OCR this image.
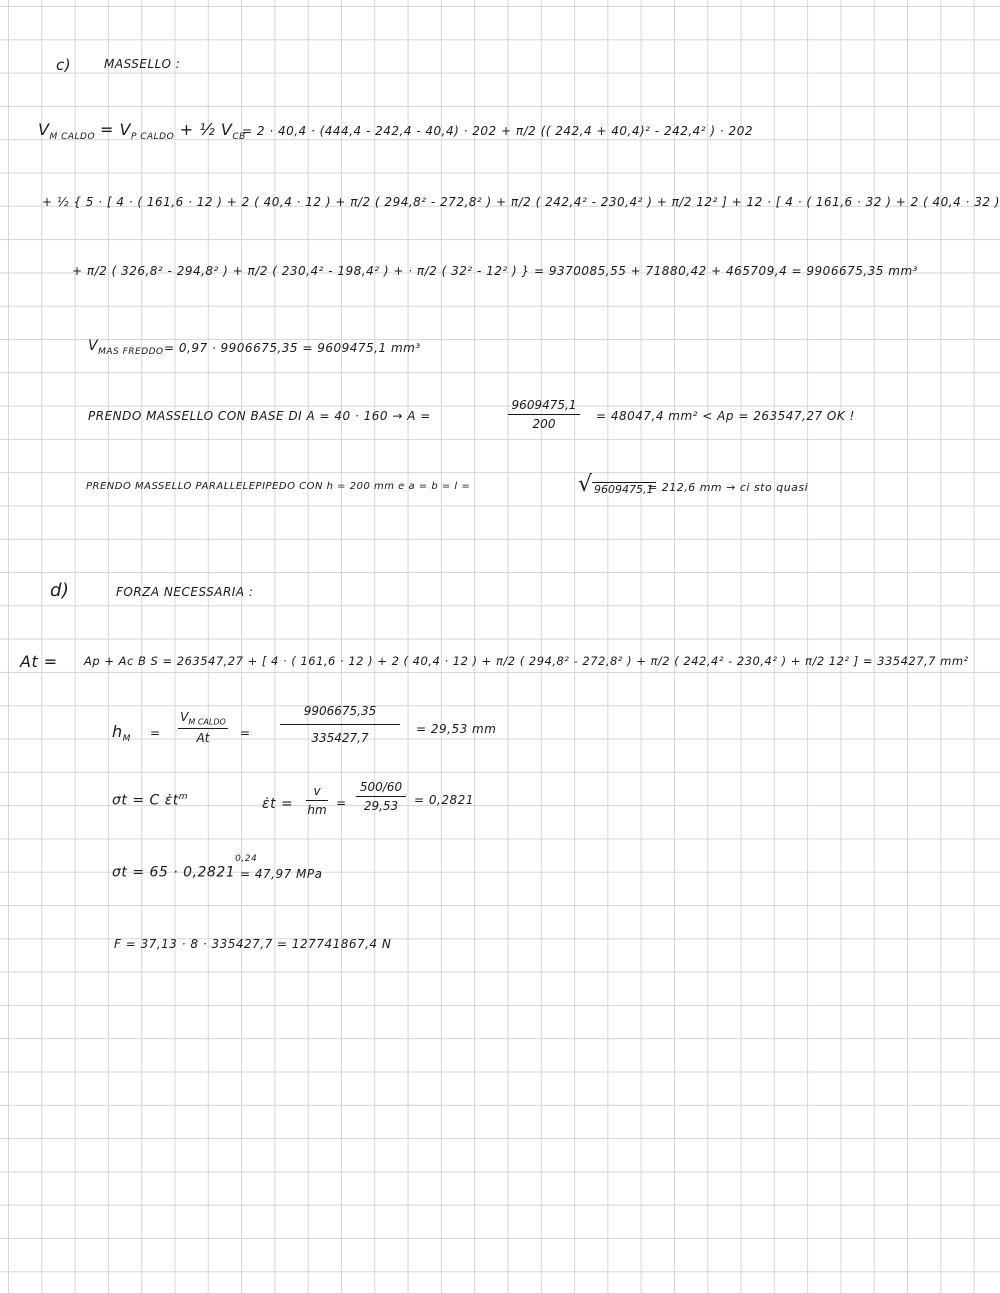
c)	MASSELLO :
$V_{M CALDO} = V_{P CALDO}$ + ½ $V_{CB}$
= 2 · 40,4 · (444,4 - 242,4 - 40,4) · 202 + π/2 (( 242,4 + 40,4)² - 242,4² ) · 202
+ ½ { 5 · [ 4 · ( 161,6 · 12 ) + 2 ( 40,4 · 12 ) + π/2 ( 294,8² - 272,8² ) + π/2 ( 242,4² - 230,4² ) + π/2 12² ] + 12 · [ 4 · ( 161,6 · 32 ) + 2 ( 40,4 · 32 )
+ π/2 ( 326,8² - 294,8² ) + π/2 ( 230,4² - 198,4² ) + · π/2 ( 32² - 12² ) } = 9370085,55 + 71880,42 + 465709,4 = 9906675,35 mm³
$V_{MAS FREDDO} = 0,97 \cdot 9906675,35 = 9609475,1$ mm³
PRENDO MASSELLO CON BASE DI A = 40 · 160 → A =
9609475,1
200
= 48047,4 mm² < Ap = 263547,27 OK !
PRENDO MASSELLO PARALLELEPIPEDO CON h = 200 mm e a = b = l =	√ 9609475,1
= 212,6 mm → ci sto quasi
d)	FORZA NECESSARIA :
At = Ap + Ac B S = 263547,27 + [ 4 · ( 161,6 · 12 ) + 2 ( 40,4 · 12 ) + π/2 ( 294,8² - 272,8² ) + π/2 ( 242,4² - 230,4² ) + π/2 12² ] = 335427,7 mm²
$h_M$ =
$V_{M CALDO}$
At	=
9906675,35
335427,7
= 29,53 mm
σt = C $\varepsiloṅt^m$	ε̇t =
v
hm =
500/60
29,53 = 0,2821
$\sigma t = 65 \cdot 0,2821^{0,24}$
= 47,97 MPa
F = 37,13 · 8 · 335427,7 = 127741867,4 N
